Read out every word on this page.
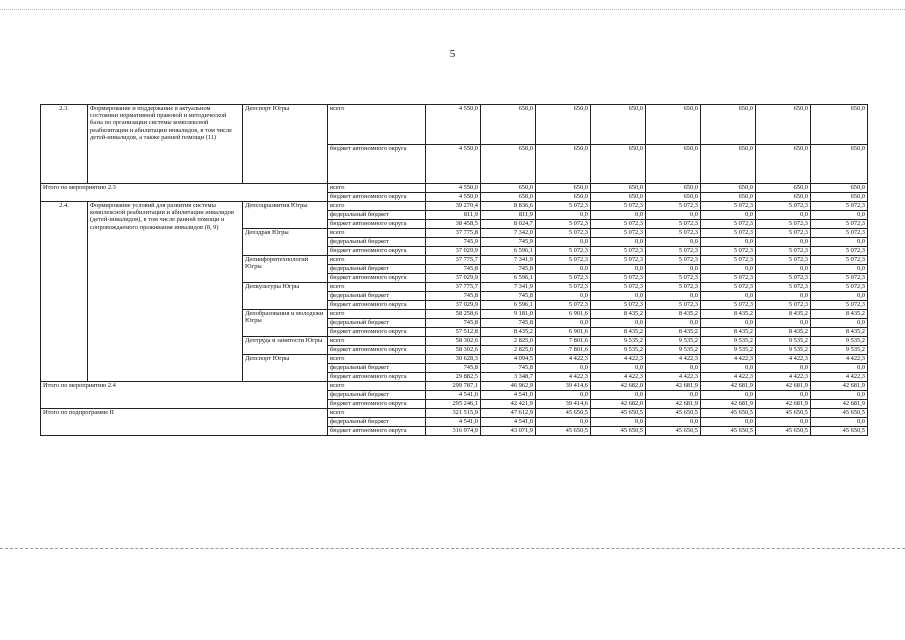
5
2.3.	Формирование и поддержание в актуальном состоянии нормативной правовой и методической базы по организации системы комплексной реабилитации и абилитации инвалидов, в том числе детей-инвалидов, а также ранней помощи (11)	Депспорт Югры	всего	4 550,0	650,0	650,0	650,0	650,0	650,0	650,0	650,0
			бюджет автономного округа	4 550,0	650,0	650,0	650,0	650,0	650,0	650,0	650,0
Итого по мероприятию 2.3			всего	4 550,0	650,0	650,0	650,0	650,0	650,0	650,0	650,0
			бюджет автономного округа	4 550,0	650,0	650,0	650,0	650,0	650,0	650,0	650,0
2.4.	Формирование условий для развития системы комплексной реабилитации и абилитации инвалидов (детей-инвалидов), в том числе ранней помощи и сопровождаемого проживания инвалидов (8, 9)	Депсоцразвития Югры	всего	39 270,4	8 836,6	5 072,3	5 072,3	5 072,3	5 072,3	5 072,3	5 072,3
			федеральный бюджет	811,9	811,9	0,0	0,0	0,0	0,0	0,0	0,0
			бюджет автономного округа	38 458,5	8 024,7	5 072,3	5 072,3	5 072,3	5 072,3	5 072,3	5 072,3
		Депздрав Югры	всего	37 775,8	7 342,0	5 072,3	5 072,3	5 072,3	5 072,3	5 072,3	5 072,3
			федеральный бюджет	745,9	745,9	0,0	0,0	0,0	0,0	0,0	0,0
			бюджет автономного округа	37 029,9	6 596,1	5 072,3	5 072,3	5 072,3	5 072,3	5 072,3	5 072,3
		Депинформтехнологий Югры	всего	37 775,7	7 341,9	5 072,3	5 072,3	5 072,3	5 072,3	5 072,3	5 072,3
			федеральный бюджет	745,8	745,8	0,0	0,0	0,0	0,0	0,0	0,0
			бюджет автономного округа	37 029,9	6 596,1	5 072,3	5 072,3	5 072,3	5 072,3	5 072,3	5 072,3
		Депкультуры Югры	всего	37 775,7	7 341,9	5 072,3	5 072,3	5 072,3	5 072,3	5 072,3	5 072,3
			федеральный бюджет	745,8	745,8	0,0	0,0	0,0	0,0	0,0	0,0
			бюджет автономного округа	37 029,9	6 596,1	5 072,3	5 072,3	5 072,3	5 072,3	5 072,3	5 072,3
		Депобразования и молодежи Югры	всего	58 258,6	9 181,0	6 901,6	8 435,2	8 435,2	8 435,2	8 435,2	8 435,2
			федеральный бюджет	745,8	745,8	0,0	0,0	0,0	0,0	0,0	0,0
			бюджет автономного округа	57 512,8	8 435,2	6 901,6	8 435,2	8 435,2	8 435,2	8 435,2	8 435,2
		Дептруда и занятости Югры	всего	58 302,6	2 825,0	7 801,6	9 535,2	9 535,2	9 535,2	9 535,2	9 535,2
			бюджет автономного округа	58 302,6	2 825,0	7 801,6	9 535,2	9 535,2	9 535,2	9 535,2	9 535,2
		Депспорт Югры	всего	30 628,3	4 094,5	4 422,3	4 422,3	4 422,3	4 422,3	4 422,3	4 422,3
			федеральный бюджет	745,8	745,8	0,0	0,0	0,0	0,0	0,0	0,0
			бюджет автономного округа	29 882,5	3 348,7	4 422,3	4 422,3	4 422,3	4 422,3	4 422,3	4 422,3
Итого по мероприятию 2.4			всего	299 787,1	46 962,9	39 414,6	42 682,0	42 681,9	42 681,9	42 681,9	42 681,9
			федеральный бюджет	4 541,0	4 541,0	0,0	0,0	0,0	0,0	0,0	0,0
			бюджет автономного округа	295 246,1	42 421,9	39 414,6	42 682,0	42 681,9	42 681,9	42 681,9	42 681,9
Итого по подпрограмме II			всего	321 515,9	47 612,9	45 650,5	45 650,5	45 650,5	45 650,5	45 650,5	45 650,5
			федеральный бюджет	4 541,0	4 541,0	0,0	0,0	0,0	0,0	0,0	0,0
			бюджет автономного округа	316 974,9	43 071,9	45 650,5	45 650,5	45 650,5	45 650,5	45 650,5	45 650,5
